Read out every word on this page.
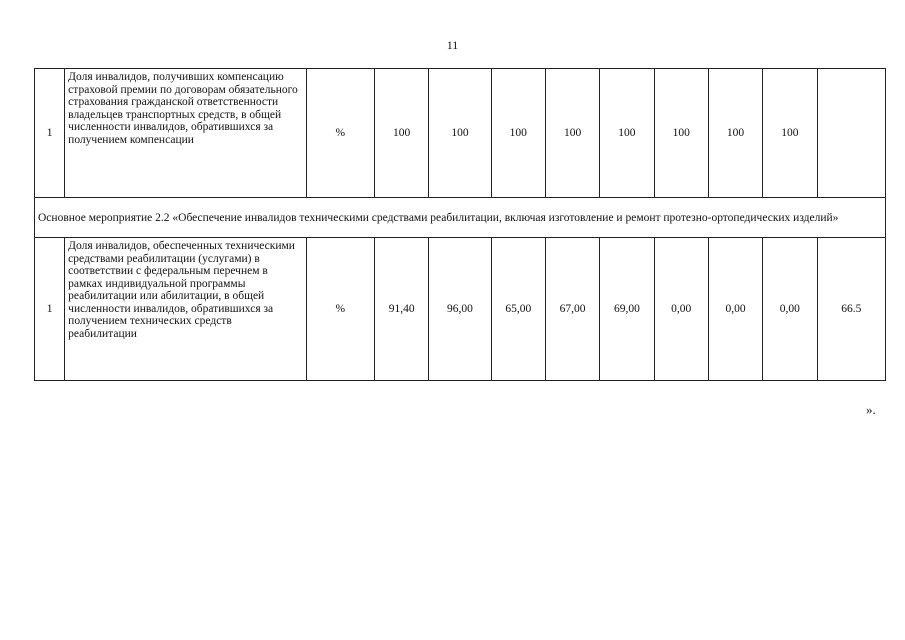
11
1	Доля инвалидов, получивших компенсацию страховой премии по договорам обязательного страхования гражданской ответственности владельцев транспортных средств, в общей численности инвалидов, обратившихся за получением компенсации	%	100	100	100	100	100	100	100	100	
Основное мероприятие 2.2 «Обеспечение инвалидов техническими средствами реабилитации, включая изготовление и ремонт протезно-ортопедических изделий»											
1	Доля инвалидов, обеспеченных техническими средствами реабилитации (услугами) в соответствии с федеральным перечнем в рамках индивидуальной программы реабилитации или абилитации, в общей численности инвалидов, обратившихся за получением технических средств реабилитации	%	91,40	96,00	65,00	67,00	69,00	0,00	0,00	0,00	66.5
».
